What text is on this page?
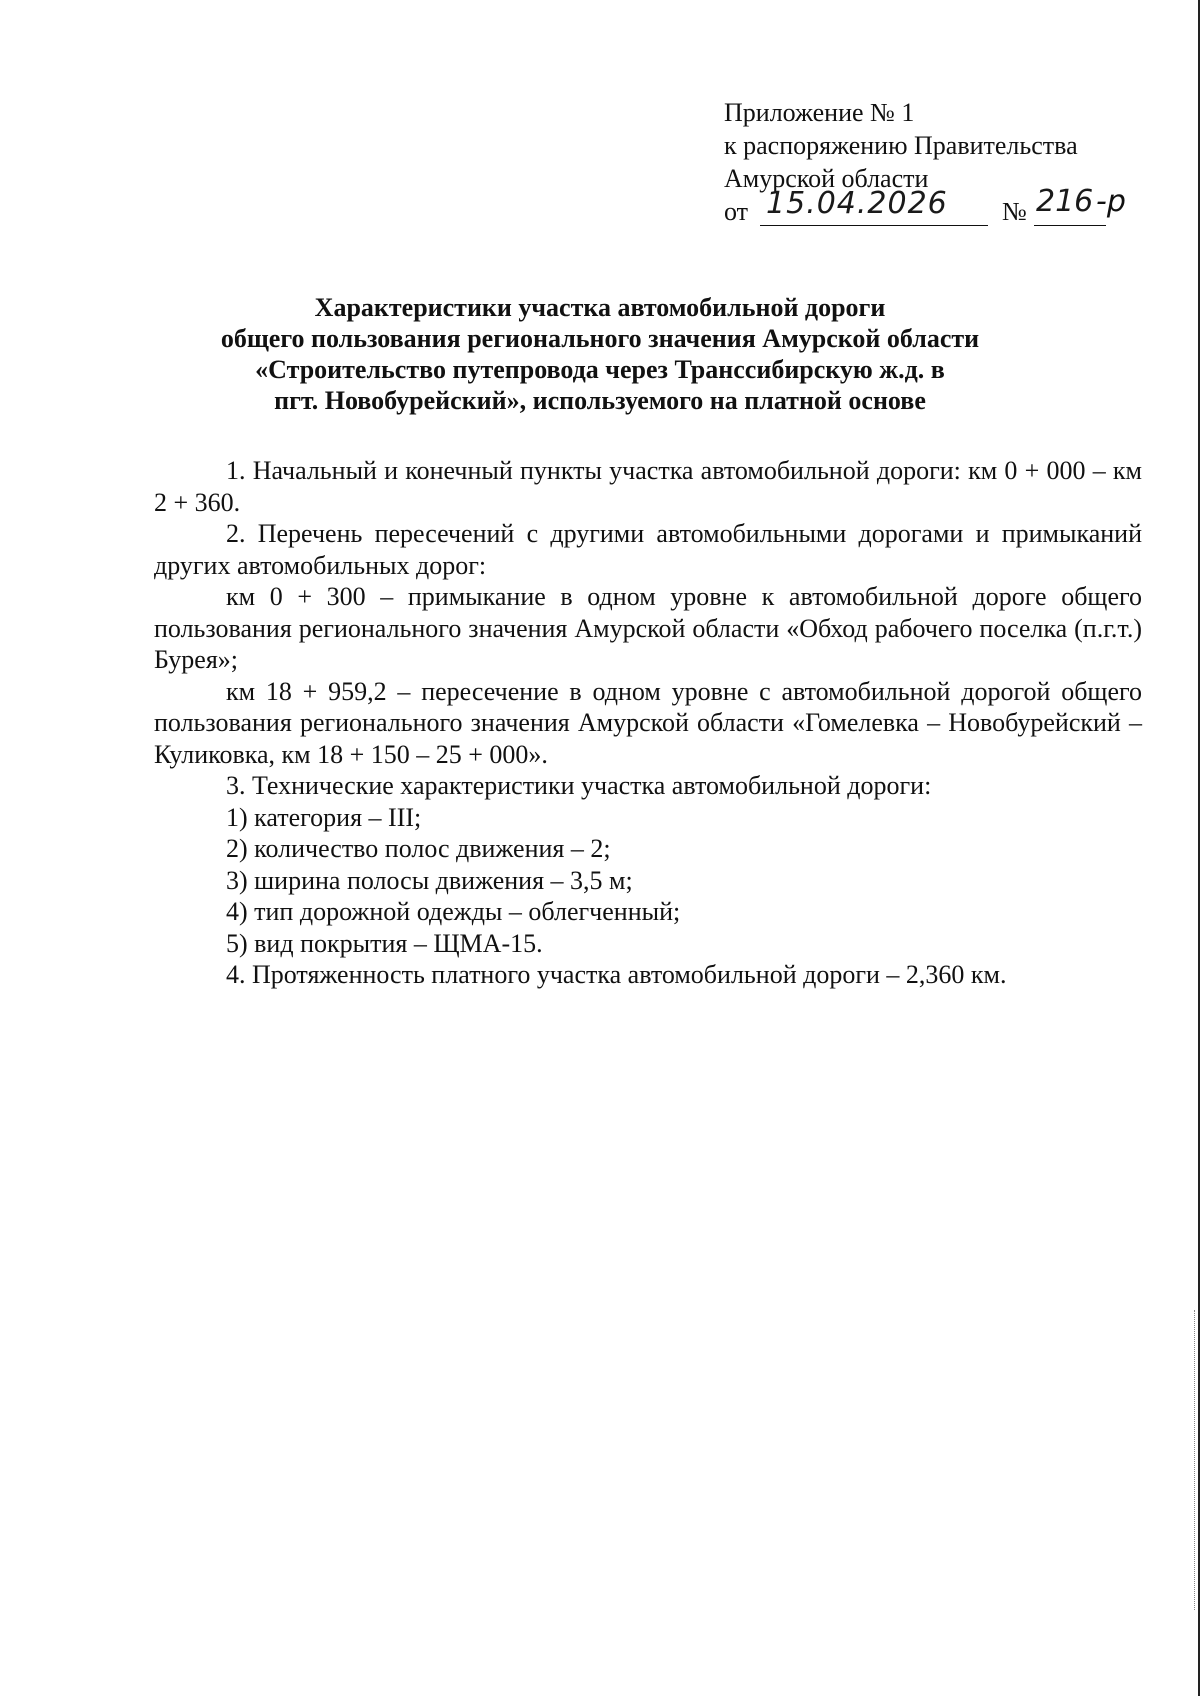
Приложение № 1
к распоряжению Правительства
Амурской области
от 15.04.2026 № 216 -р
Характеристики участка автомобильной дороги
общего пользования регионального значения Амурской области
«Строительство путепровода через Транссибирскую ж.д. в
пгт. Новобурейский», используемого на платной основе

1. Начальный и конечный пункты участка автомобильной дороги: км 0 + 000 – км 2 + 360.

2. Перечень пересечений с другими автомобильными дорогами и примыканий других автомобильных дорог:

км 0 + 300 – примыкание в одном уровне к автомобильной дороге общего пользования регионального значения Амурской области «Обход рабочего поселка (п.г.т.) Бурея»;

км 18 + 959,2 – пересечение в одном уровне с автомобильной дорогой общего пользования регионального значения Амурской области «Гомелевка – Новобурейский – Куликовка, км 18 + 150 – 25 + 000».

3. Технические характеристики участка автомобильной дороги:

1) категория – III;

2) количество полос движения – 2;

3) ширина полосы движения – 3,5 м;

4) тип дорожной одежды – облегченный;

5) вид покрытия – ЩМА-15.

4. Протяженность платного участка автомобильной дороги – 2,360 км.
